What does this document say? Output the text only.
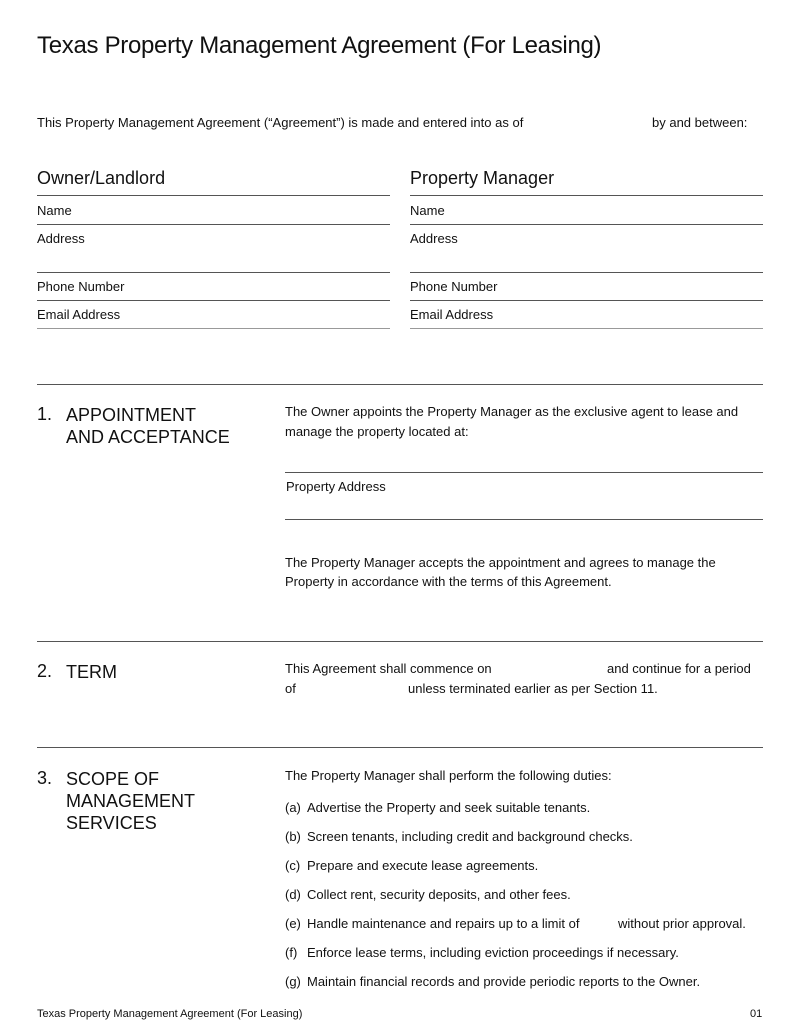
Texas Property Management Agreement (For Leasing)
This Property Management Agreement (“Agreement”) is made and entered into as of	by and between:
Owner/Landlord
Name
Address
Phone Number
Email Address
Property Manager
Name
Address
Phone Number
Email Address
1. APPOINTMENT
AND ACCEPTANCE
The Owner appoints the Property Manager as the exclusive agent to lease and
manage the property located at:
Property Address
The Property Manager accepts the appointment and agrees to manage the
Property in accordance with the terms of this Agreement.
2. TERM	This Agreement shall commence on	and continue for a period
of	unless terminated earlier as per Section 11.
3. SCOPE OF
MANAGEMENT
SERVICES
The Property Manager shall perform the following duties:
(a) Advertise the Property and seek suitable tenants.
(b) Screen tenants, including credit and background checks.
(c) Prepare and execute lease agreements.
(d) Collect rent, security deposits, and other fees.
(e) Handle maintenance and repairs up to a limit of	without prior approval.
(f) Enforce lease terms, including eviction proceedings if necessary.
(g) Maintain financial records and provide periodic reports to the Owner.
Texas Property Management Agreement (For Leasing)	01
